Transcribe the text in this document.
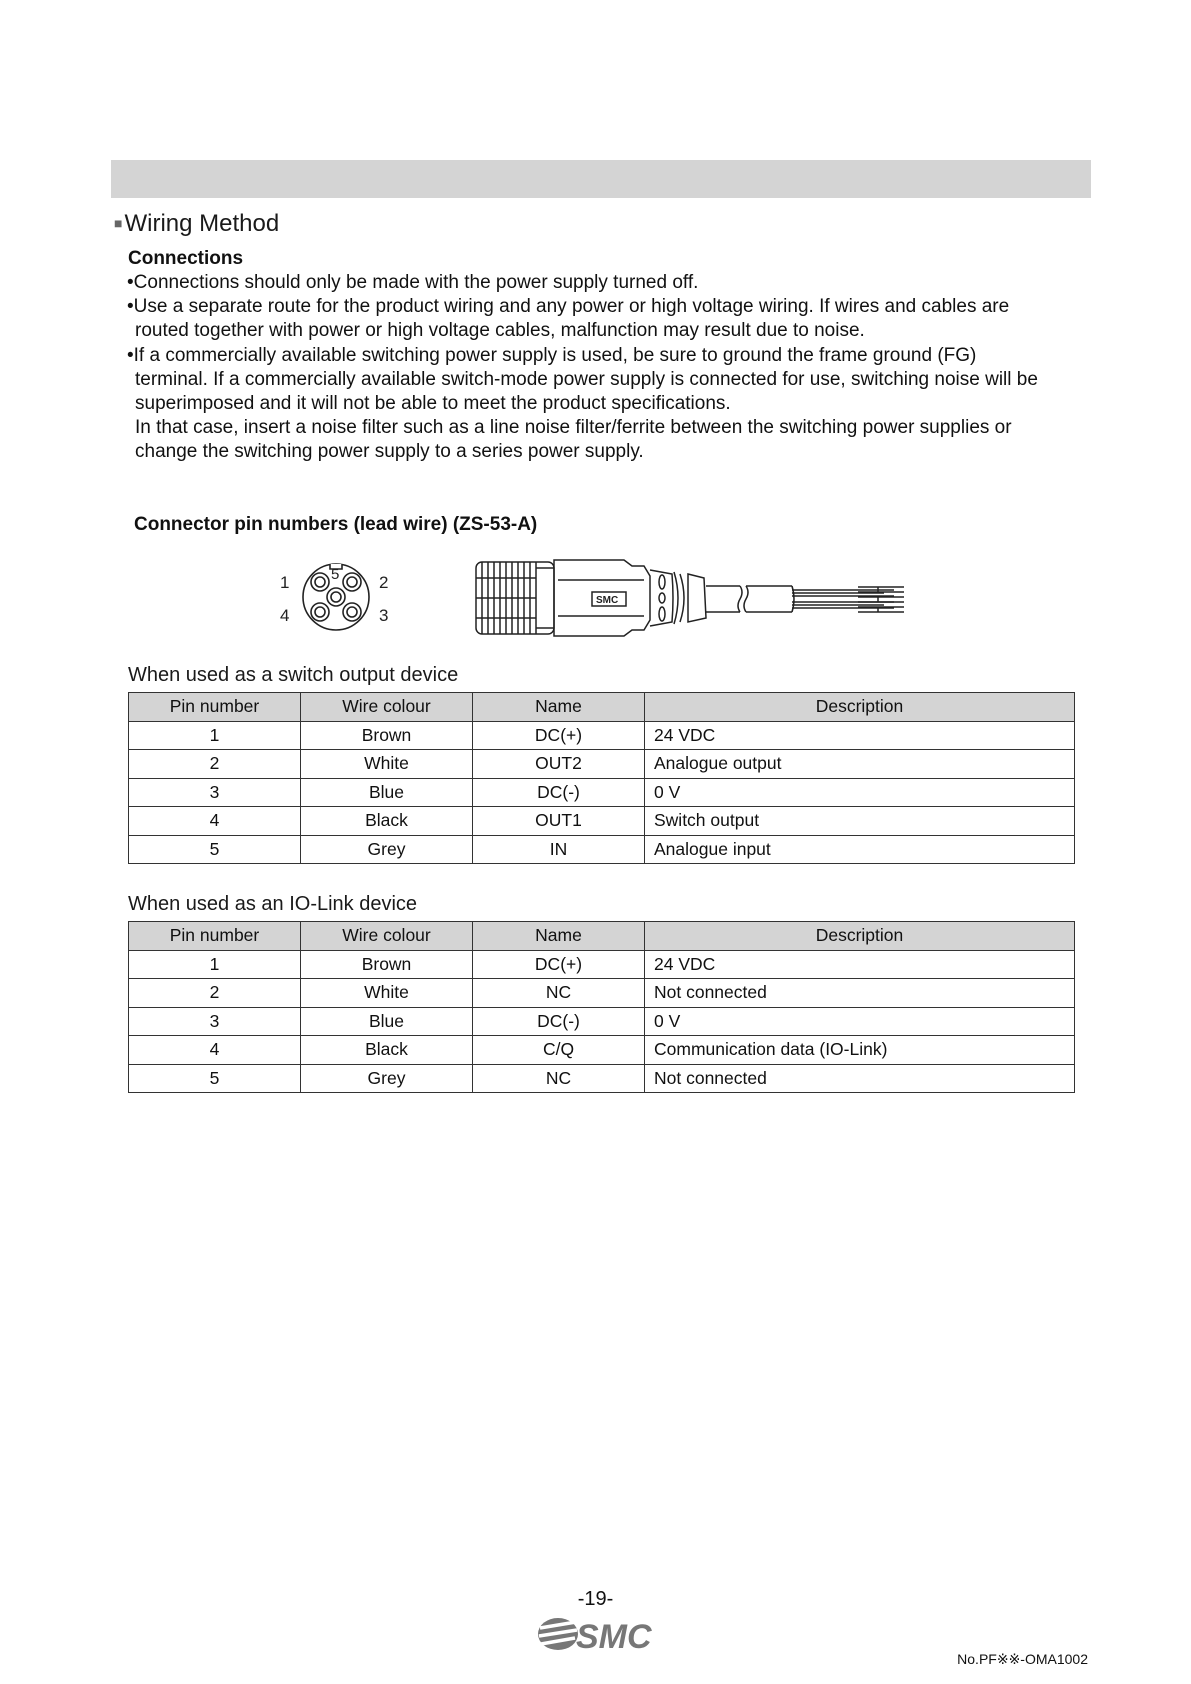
■Wiring Method
Connections

•Connections should only be made with the power supply turned off.

•Use a separate route for the product wiring and any power or high voltage wiring. If wires and cables are

routed together with power or high voltage cables, malfunction may result due to noise.

•If a commercially available switching power supply is used, be sure to ground the frame ground (FG)

terminal. If a commercially available switch-mode power supply is connected for use, switching noise will be

superimposed and it will not be able to meet the product specifications.

In that case, insert a noise filter such as a line noise filter/ferrite between the switching power supplies or

change the switching power supply to a series power supply.

Connector pin numbers (lead wire) (ZS-53-A)
1	5 2
4	3
SMC
When used as a switch output device
Pin number	Wire colour	Name	Description
1	Brown	DC(+)	24 VDC
2	White	OUT2	Analogue output
3	Blue	DC(-)	0 V
4	Black	OUT1	Switch output
5	Grey	IN	Analogue input
When used as an IO-Link device
Pin number	Wire colour	Name	Description
1	Brown	DC(+)	24 VDC
2	White	NC	Not connected
3	Blue	DC(-)	0 V
4	Black	C/Q	Communication data (IO-Link)
5	Grey	NC	Not connected
-19-
SMC
No.PF※※-OMA1002
